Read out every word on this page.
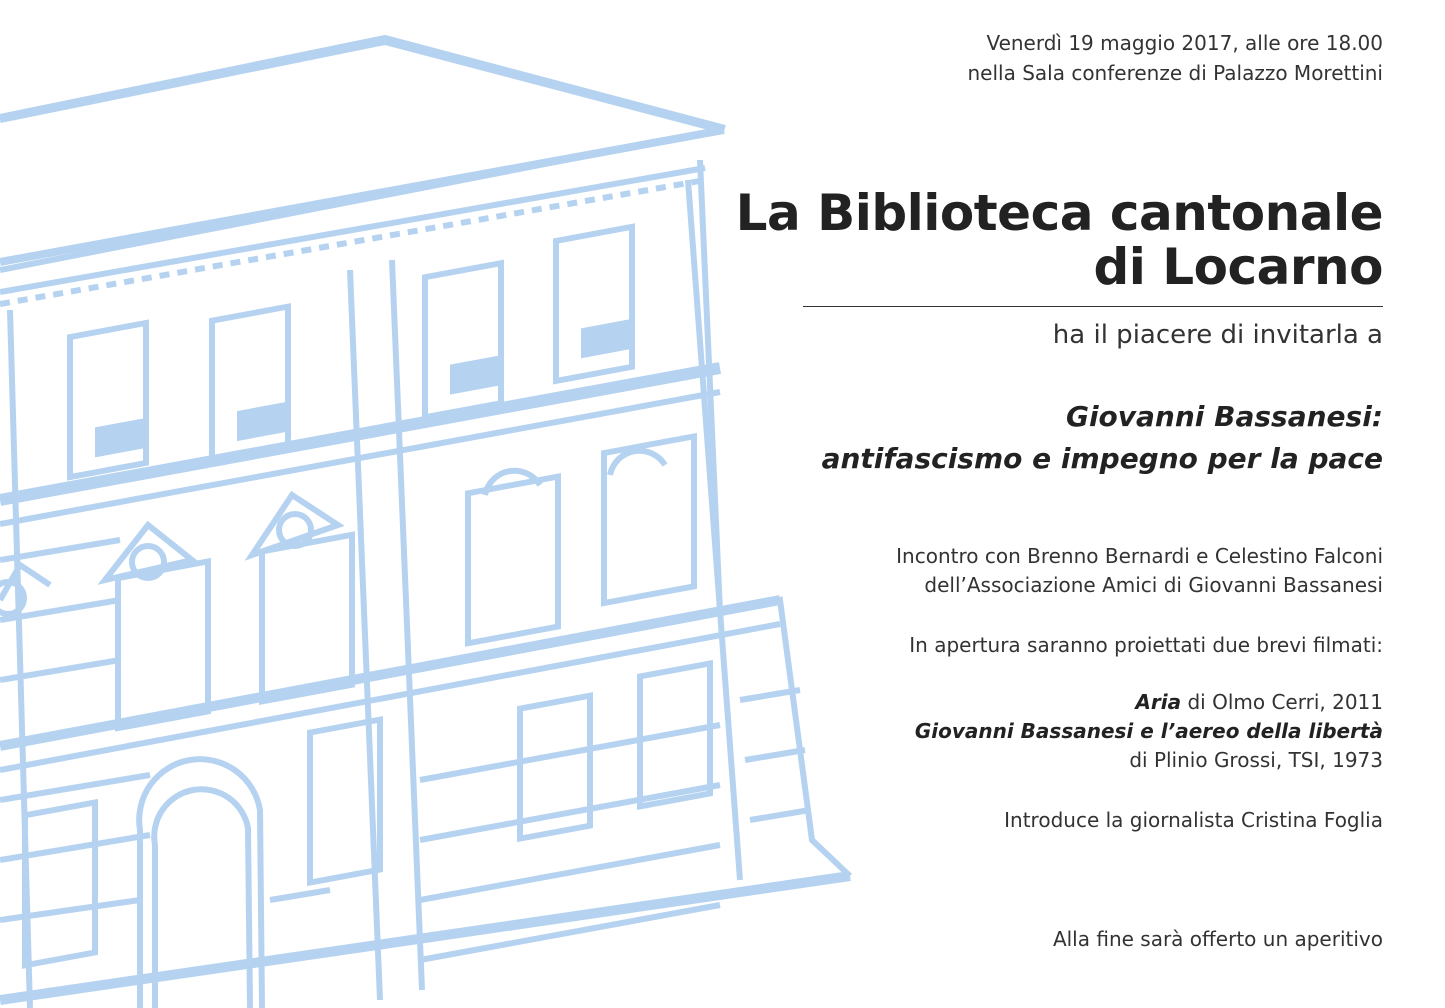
Venerdì 19 maggio 2017, alle ore 18.00
nella Sala conferenze di Palazzo Morettini
La Biblioteca cantonale
di Locarno
ha il piacere di invitarla a
Giovanni Bassanesi:
antifascismo e impegno per la pace
Incontro con Brenno Bernardi e Celestino Falconi
dell’Associazione Amici di Giovanni Bassanesi
In apertura saranno proiettati due brevi filmati:
Aria di Olmo Cerri, 2011
Giovanni Bassanesi e l’aereo della libertà
di Plinio Grossi, TSI, 1973
Introduce la giornalista Cristina Foglia
Alla fine sarà offerto un aperitivo
